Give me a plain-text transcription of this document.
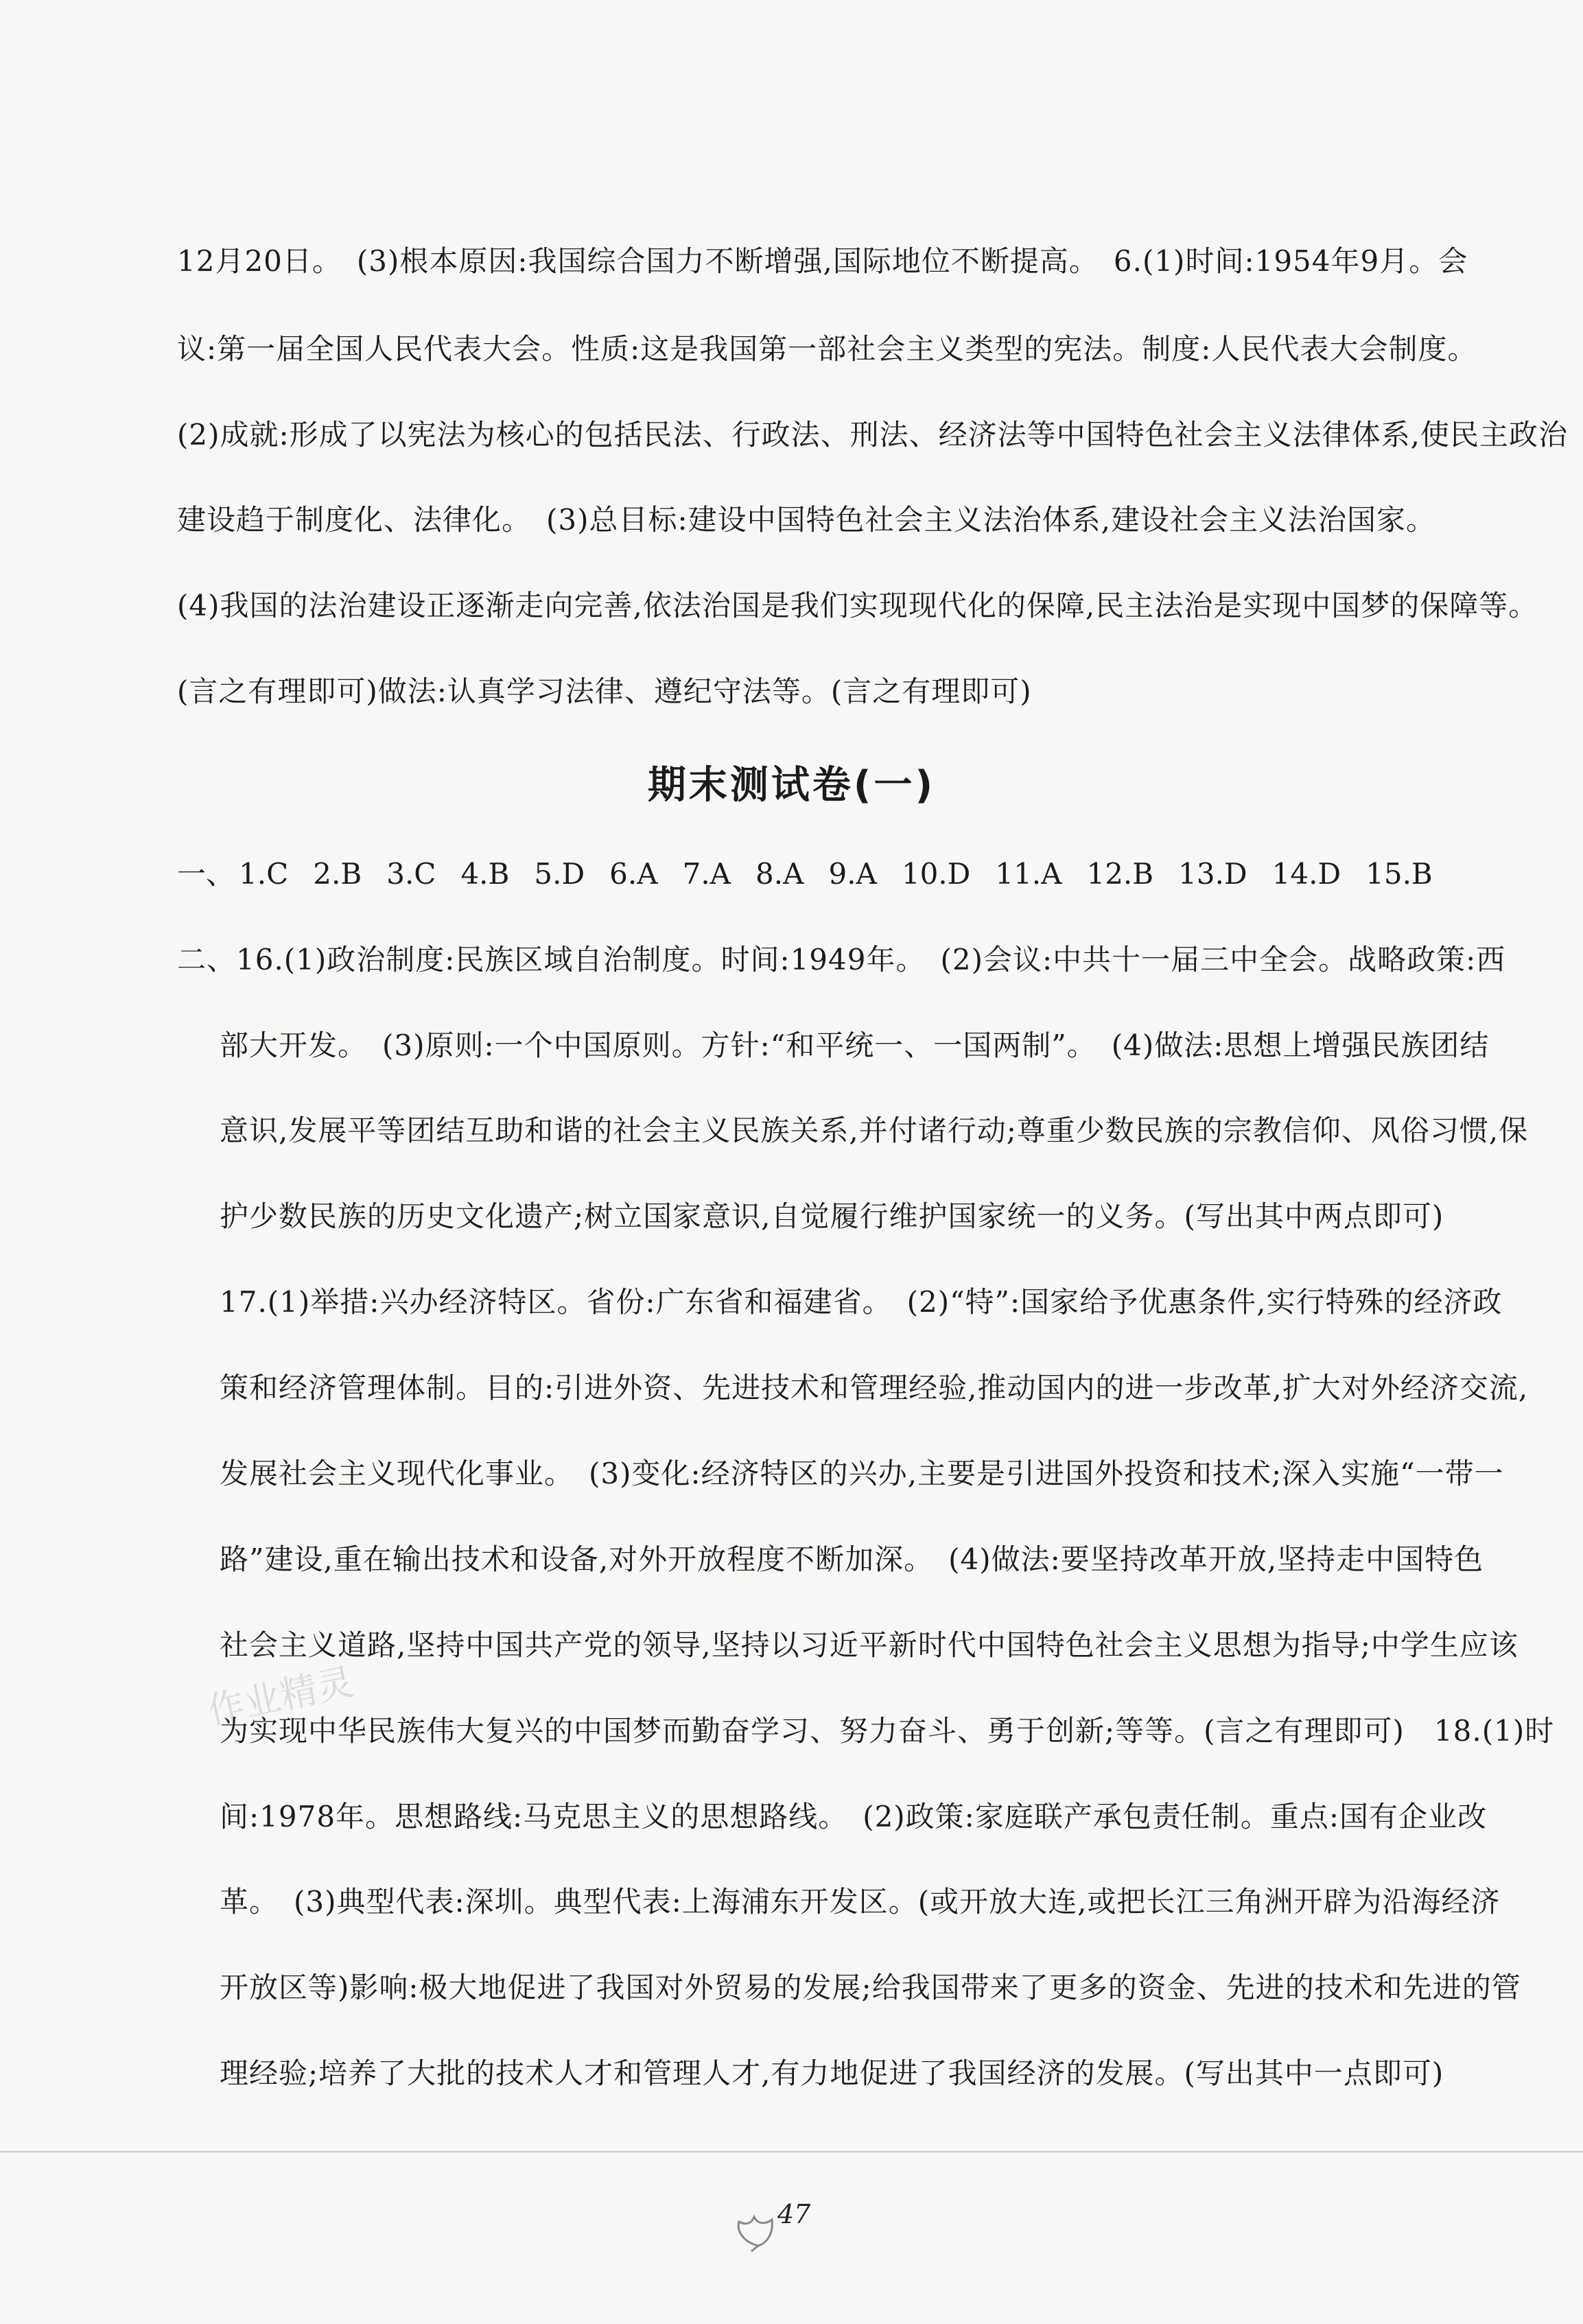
12月20日。　(3)根本原因:我国综合国力不断增强,国际地位不断提高。　6.(1)时间:1954年9月。会

议:第一届全国人民代表大会。性质:这是我国第一部社会主义类型的宪法。制度:人民代表大会制度。

(2)成就:形成了以宪法为核心的包括民法、行政法、刑法、经济法等中国特色社会主义法律体系,使民主政治

建设趋于制度化、法律化。　(3)总目标:建设中国特色社会主义法治体系,建设社会主义法治国家。

(4)我国的法治建设正逐渐走向完善,依法治国是我们实现现代化的保障,民主法治是实现中国梦的保障等。

(言之有理即可)做法:认真学习法律、遵纪守法等。(言之有理即可)

期末测试卷(一)
一、 1.C 2.B 3.C 4.B 5.D 6.A 7.A 8.A 9.A 10.D 11.A 12.B 13.D 14.D 15.B

二、16.(1)政治制度:民族区域自治制度。时间:1949年。　(2)会议:中共十一届三中全会。战略政策:西

部大开发。　(3)原则:一个中国原则。方针:“和平统一、一国两制”。　(4)做法:思想上增强民族团结

意识,发展平等团结互助和谐的社会主义民族关系,并付诸行动;尊重少数民族的宗教信仰、风俗习惯,保

护少数民族的历史文化遗产;树立国家意识,自觉履行维护国家统一的义务。(写出其中两点即可)

17.(1)举措:兴办经济特区。省份:广东省和福建省。　(2)“特”:国家给予优惠条件,实行特殊的经济政

策和经济管理体制。目的:引进外资、先进技术和管理经验,推动国内的进一步改革,扩大对外经济交流,

发展社会主义现代化事业。　(3)变化:经济特区的兴办,主要是引进国外投资和技术;深入实施“一带一

路”建设,重在输出技术和设备,对外开放程度不断加深。　(4)做法:要坚持改革开放,坚持走中国特色

社会主义道路,坚持中国共产党的领导,坚持以习近平新时代中国特色社会主义思想为指导;中学生应该

为实现中华民族伟大复兴的中国梦而勤奋学习、努力奋斗、勇于创新;等等。(言之有理即可)　18.(1)时

间:1978年。思想路线:马克思主义的思想路线。　(2)政策:家庭联产承包责任制。重点:国有企业改

革。　(3)典型代表:深圳。典型代表:上海浦东开发区。(或开放大连,或把长江三角洲开辟为沿海经济

开放区等)影响:极大地促进了我国对外贸易的发展;给我国带来了更多的资金、先进的技术和先进的管

理经验;培养了大批的技术人才和管理人才,有力地促进了我国经济的发展。(写出其中一点即可)

作业精灵
47
